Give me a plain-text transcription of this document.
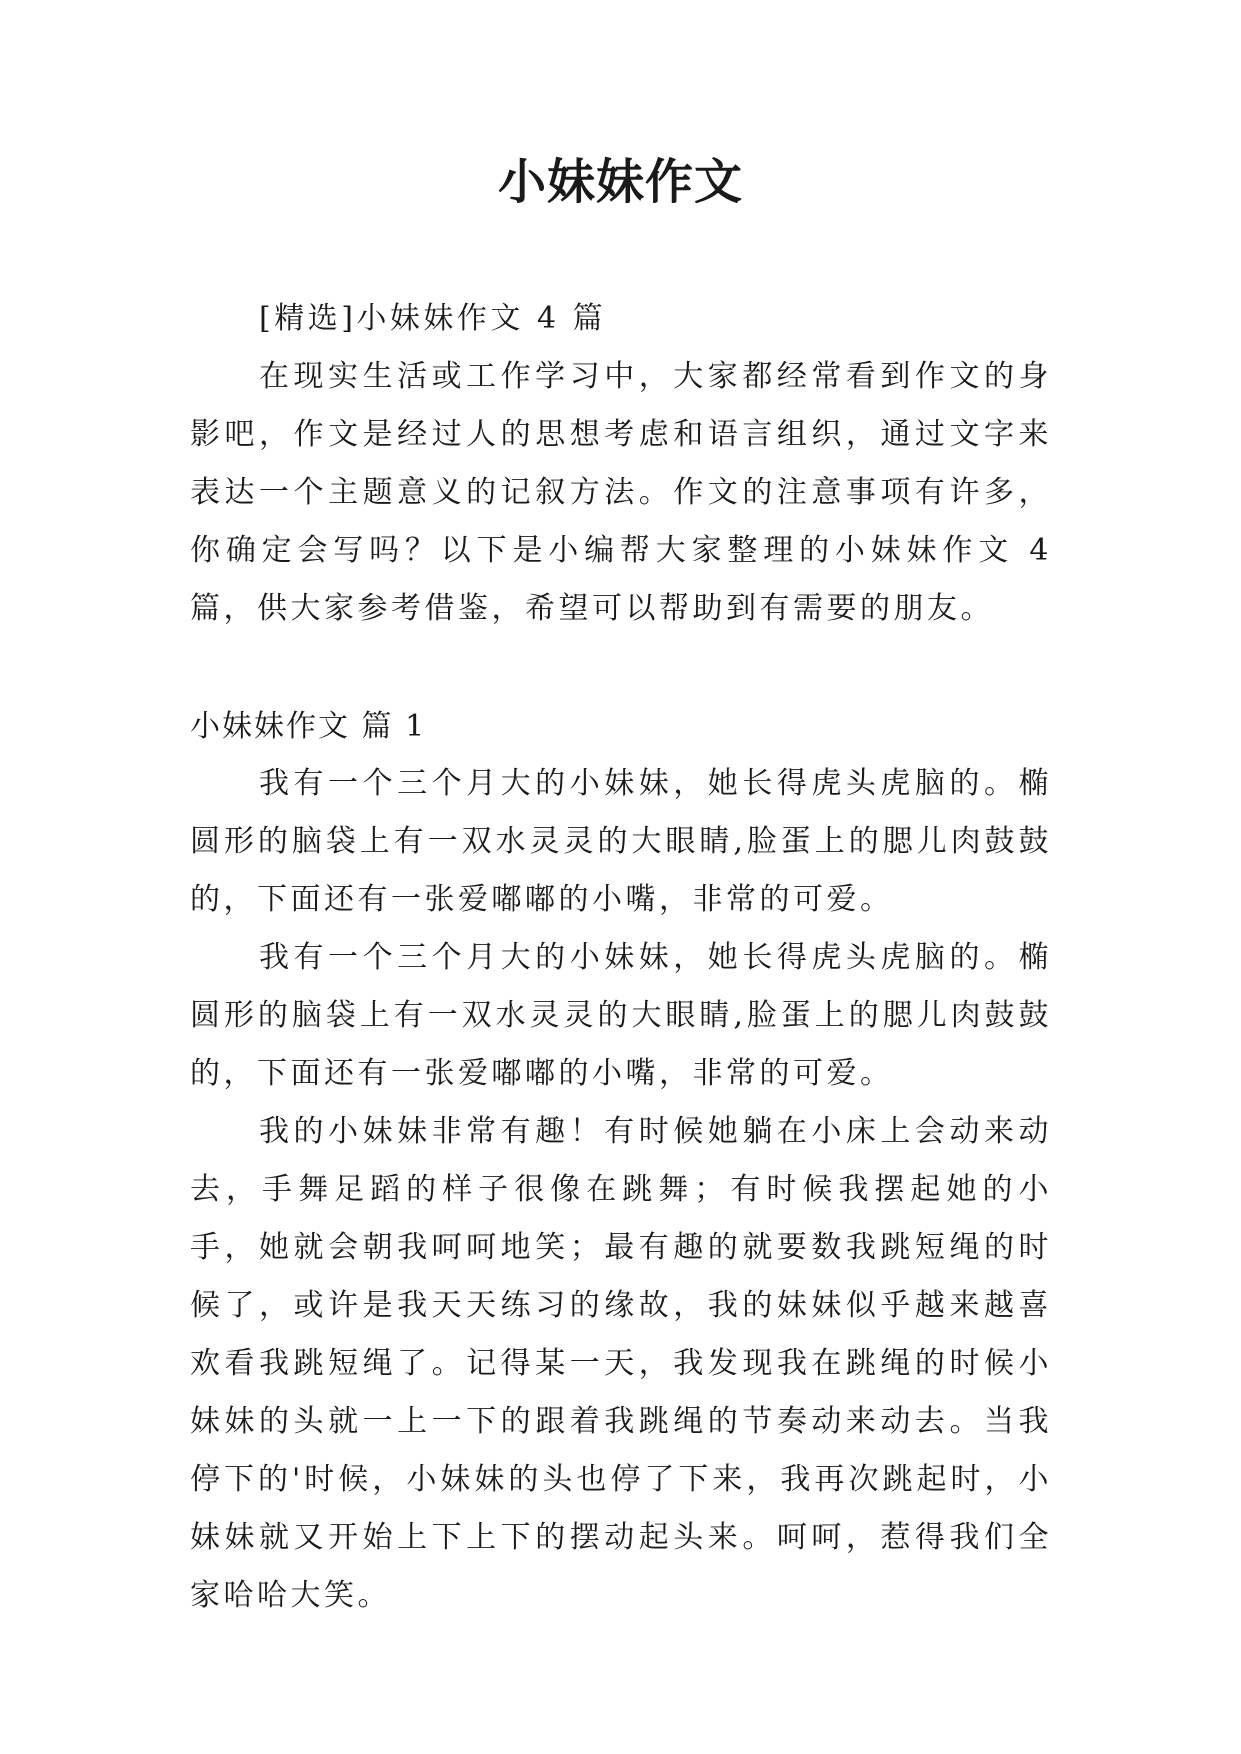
小妹妹作文

[精选]小妹妹作文 4 篇

在现实生活或工作学习中，大家都经常看到作文的身影吧，作文是经过人的思想考虑和语言组织，通过文字来表达一个主题意义的记叙方法。作文的注意事项有许多，你确定会写吗？以下是小编帮大家整理的小妹妹作文 4 篇，供大家参考借鉴，希望可以帮助到有需要的朋友。

小妹妹作文 篇 1

我有一个三个月大的小妹妹，她长得虎头虎脑的。椭圆形的脑袋上有一双水灵灵的大眼睛,脸蛋上的腮儿肉鼓鼓的，下面还有一张爱嘟嘟的小嘴，非常的可爱。

我有一个三个月大的小妹妹，她长得虎头虎脑的。椭圆形的脑袋上有一双水灵灵的大眼睛,脸蛋上的腮儿肉鼓鼓的，下面还有一张爱嘟嘟的小嘴，非常的可爱。

我的小妹妹非常有趣！有时候她躺在小床上会动来动去，手舞足蹈的样子很像在跳舞；有时候我摆起她的小手，她就会朝我呵呵地笑；最有趣的就要数我跳短绳的时候了，或许是我天天练习的缘故，我的妹妹似乎越来越喜欢看我跳短绳了。记得某一天，我发现我在跳绳的时候小妹妹的头就一上一下的跟着我跳绳的节奏动来动去。当我停下的'时候，小妹妹的头也停了下来，我再次跳起时，小妹妹就又开始上下上下的摆动起头来。呵呵，惹得我们全家哈哈大笑。
